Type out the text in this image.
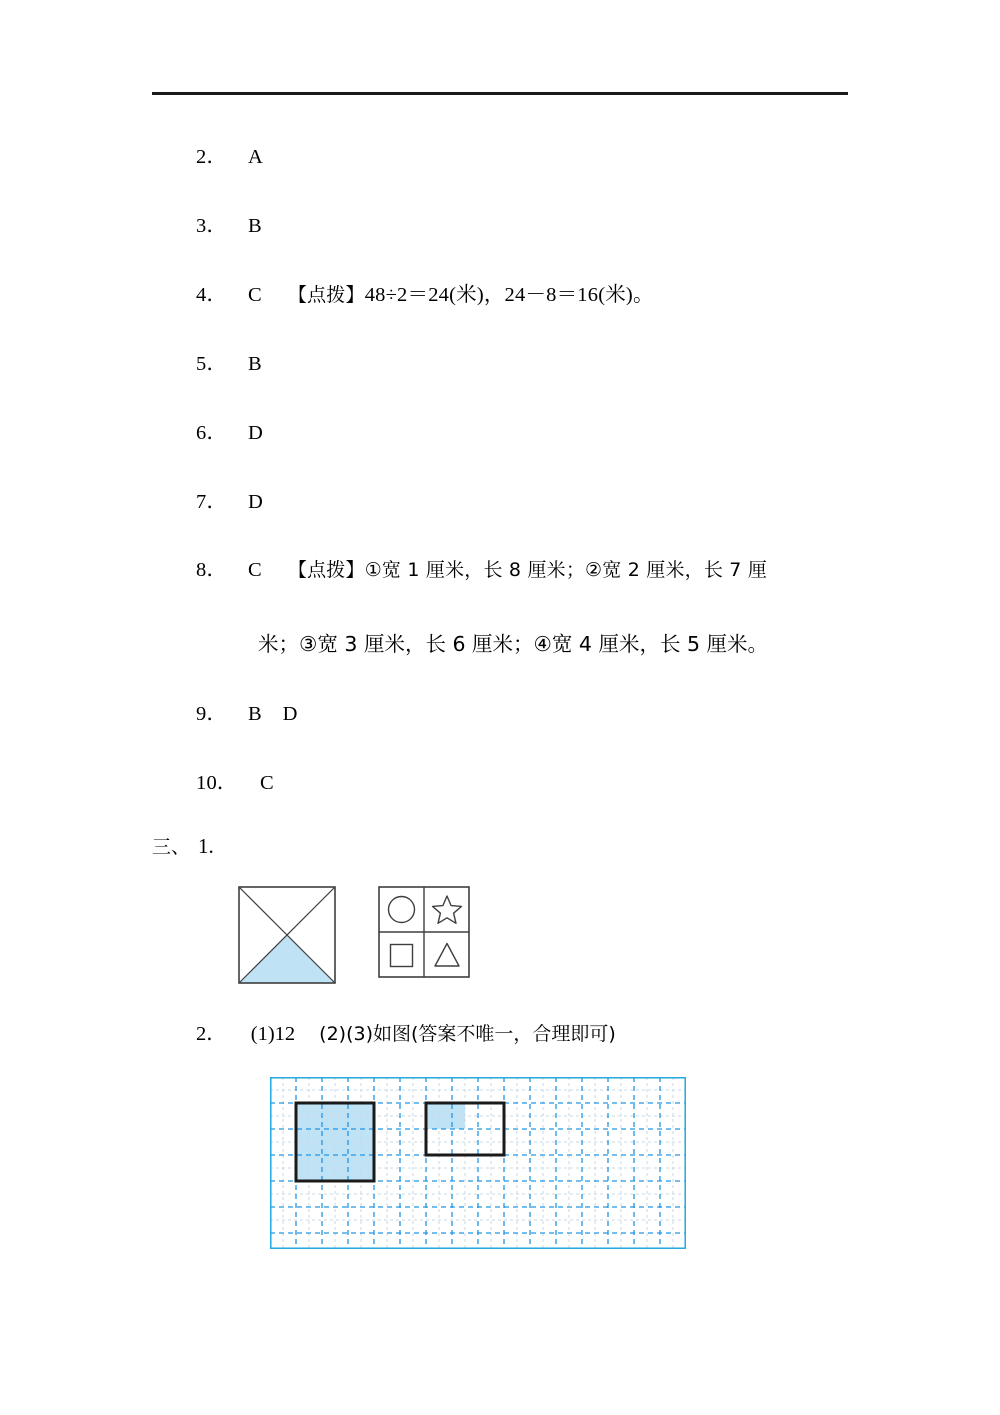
2． A
3． B
4． C 【点拨】48÷2＝24(米)，24－8＝16(米)。
5． B
6． D
7． D
8． C 【点拨】①宽 1 厘米，长 8 厘米；②宽 2 厘米，长 7 厘
米；③宽 3 厘米，长 6 厘米；④宽 4 厘米，长 5 厘米。
9． B　D
10． C
三、 1.
2． (1)12 (2)(3)如图(答案不唯一，合理即可)
